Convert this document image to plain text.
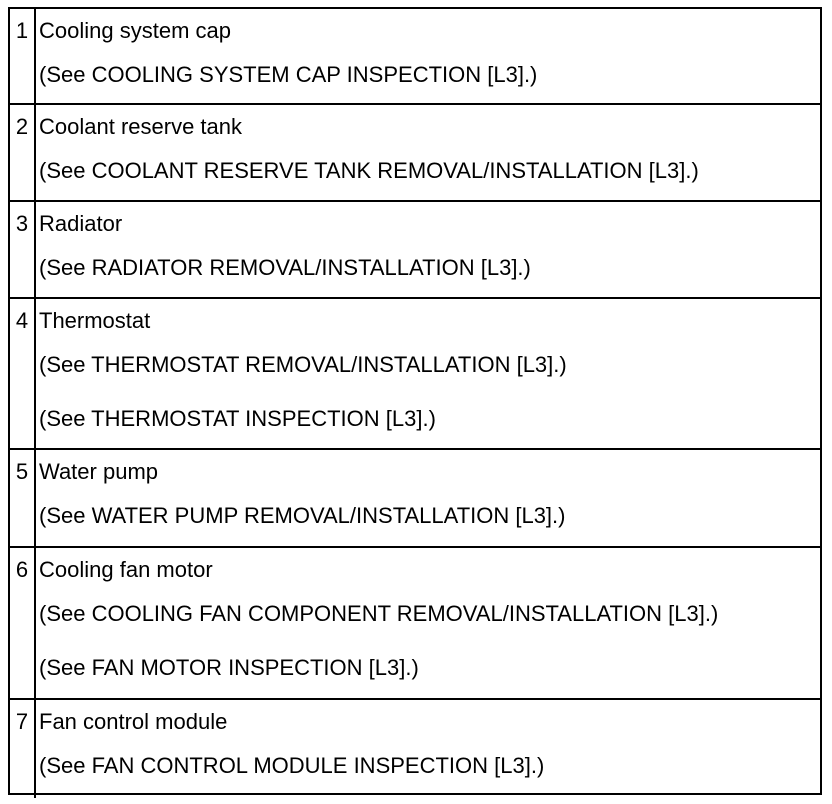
1 Cooling system cap
(See COOLING SYSTEM CAP INSPECTION [L3].)
2 Coolant reserve tank
(See COOLANT RESERVE TANK REMOVAL/INSTALLATION [L3].)
3 Radiator
(See RADIATOR REMOVAL/INSTALLATION [L3].)
4 Thermostat
(See THERMOSTAT REMOVAL/INSTALLATION [L3].)
(See THERMOSTAT INSPECTION [L3].)
5 Water pump
(See WATER PUMP REMOVAL/INSTALLATION [L3].)
6 Cooling fan motor
(See COOLING FAN COMPONENT REMOVAL/INSTALLATION [L3].)
(See FAN MOTOR INSPECTION [L3].)
7 Fan control module
(See FAN CONTROL MODULE INSPECTION [L3].)
